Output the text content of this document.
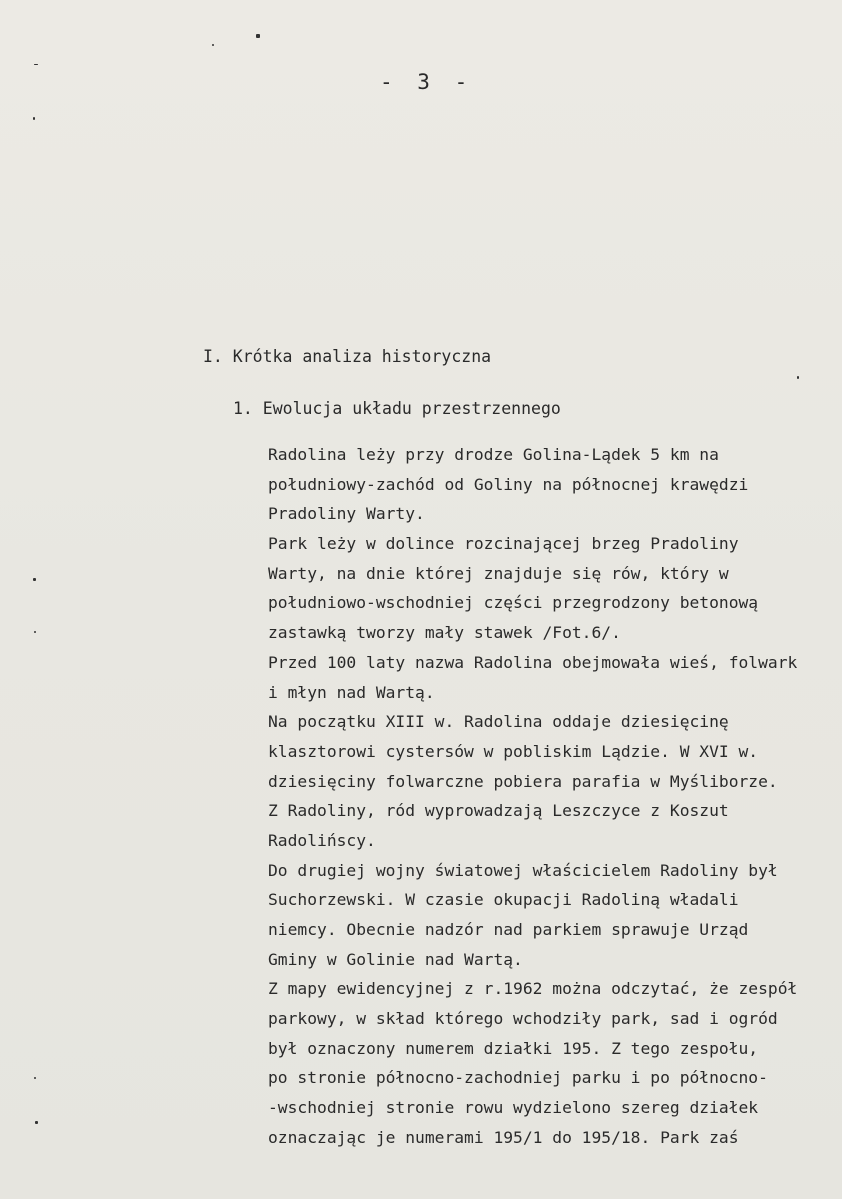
- 3 -
I. Krótka analiza historyczna
1. Ewolucja układu przestrzennego
Radolina leży przy drodze Golina-Lądek 5 km na
południowy-zachód od Goliny na północnej krawędzi
Pradoliny Warty.
Park leży w dolince rozcinającej brzeg Pradoliny
Warty, na dnie której znajduje się rów, który w
południowo-wschodniej części przegrodzony betonową
zastawką tworzy mały stawek /Fot.6/.
Przed 100 laty nazwa Radolina obejmowała wieś, folwark
i młyn nad Wartą.
Na początku XIII w. Radolina oddaje dziesięcinę
klasztorowi cystersów w pobliskim Lądzie. W XVI w.
dziesięciny folwarczne pobiera parafia w Myśliborze.
Z Radoliny, ród wyprowadzają Leszczyce z Koszut
Radolińscy.
Do drugiej wojny światowej właścicielem Radoliny był
Suchorzewski. W czasie okupacji Radoliną władali
niemcy. Obecnie nadzór nad parkiem sprawuje Urząd
Gminy w Golinie nad Wartą.
Z mapy ewidencyjnej z r.1962 można odczytać, że zespół
parkowy, w skład którego wchodziły park, sad i ogród
był oznaczony numerem działki 195. Z tego zespołu,
po stronie północno-zachodniej parku i po północno-
-wschodniej stronie rowu wydzielono szereg działek
oznaczając je numerami 195/1 do 195/18. Park zaś
